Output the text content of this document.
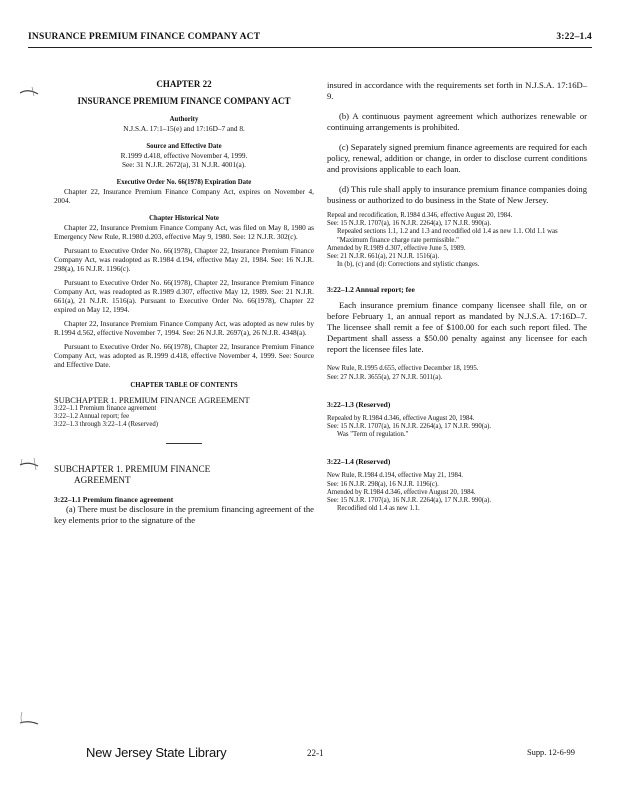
INSURANCE PREMIUM FINANCE COMPANY ACT	3:22–1.4
CHAPTER 22
INSURANCE PREMIUM FINANCE COMPANY ACT
Authority
N.J.S.A. 17:1–15(e) and 17:16D–7 and 8.
Source and Effective Date
R.1999 d.418, effective November 4, 1999.
See: 31 N.J.R. 2672(a), 31 N.J.R. 4001(a).
Executive Order No. 66(1978) Expiration Date

Chapter 22, Insurance Premium Finance Company Act, expires on November 4, 2004.

Chapter Historical Note

Chapter 22, Insurance Premium Finance Company Act, was filed on May 8, 1980 as Emergency New Rule, R.1980 d.203, effective May 9, 1980. See: 12 N.J.R. 302(c).

Pursuant to Executive Order No. 66(1978), Chapter 22, Insurance Premium Finance Company Act, was readopted as R.1984 d.194, effective May 21, 1984. See: 16 N.J.R. 298(a), 16 N.J.R. 1196(c).

Pursuant to Executive Order No. 66(1978), Chapter 22, Insurance Premium Finance Company Act, was readopted as R.1989 d.307, effective May 12, 1989. See: 21 N.J.R. 661(a), 21 N.J.R. 1516(a). Pursuant to Executive Order No. 66(1978), Chapter 22 expired on May 12, 1994.

Chapter 22, Insurance Premium Finance Company Act, was adopted as new rules by R.1994 d.562, effective November 7, 1994. See: 26 N.J.R. 2697(a), 26 N.J.R. 4348(a).

Pursuant to Executive Order No. 66(1978), Chapter 22, Insurance Premium Finance Company Act, was adopted as R.1999 d.418, effective November 4, 1999. See: Source and Effective Date.

CHAPTER TABLE OF CONTENTS
SUBCHAPTER 1. PREMIUM FINANCE AGREEMENT
3:22–1.1 Premium finance agreement
3:22–1.2 Annual report; fee
3:22–1.3 through 3:22–1.4 (Reserved)
SUBCHAPTER 1. PREMIUM FINANCE
AGREEMENT
3:22–1.1 Premium finance agreement

(a) There must be disclosure in the premium financing agreement of the key elements prior to the signature of the

insured in accordance with the requirements set forth in N.J.S.A. 17:16D–9.

(b) A continuous payment agreement which authorizes renewable or continuing arrangements is prohibited.

(c) Separately signed premium finance agreements are required for each policy, renewal, addition or change, in order to disclose current conditions and provisions applicable to each loan.

(d) This rule shall apply to insurance premium finance companies doing business or authorized to do business in the State of New Jersey.

Repeal and recodification, R.1984 d.346, effective August 20, 1984.
See: 15 N.J.R. 1707(a), 16 N.J.R. 2264(a), 17 N.J.R. 990(a).
Repealed sections 1.1, 1.2 and 1.3 and recodified old 1.4 as new 1.1. Old 1.1 was "Maximum finance charge rate permissible."
Amended by R.1989 d.307, effective June 5, 1989.
See: 21 N.J.R. 661(a), 21 N.J.R. 1516(a).
In (b), (c) and (d): Corrections and stylistic changes.
3:22–1.2 Annual report; fee

Each insurance premium finance company licensee shall file, on or before February 1, an annual report as mandated by N.J.S.A. 17:16D–7. The licensee shall remit a fee of $100.00 for each such report filed. The Department shall assess a $50.00 penalty against any licensee for each report the licensee files late.

New Rule, R.1995 d.655, effective December 18, 1995.
See: 27 N.J.R. 3655(a), 27 N.J.R. 5011(a).
3:22–1.3 (Reserved)
Repealed by R.1984 d.346, effective August 20, 1984.
See: 15 N.J.R. 1707(a), 16 N.J.R. 2264(a), 17 N.J.R. 990(a).
Was "Term of regulation."
3:22–1.4 (Reserved)
New Rule, R.1984 d.194, effective May 21, 1984.
See: 16 N.J.R. 298(a), 16 N.J.R. 1196(c).
Amended by R.1984 d.346, effective August 20, 1984.
See: 15 N.J.R. 1707(a), 16 N.J.R. 2264(a), 17 N.J.R. 990(a).
Recodified old 1.4 as new 1.1.
New Jersey State Library	22-1	Supp. 12-6-99
